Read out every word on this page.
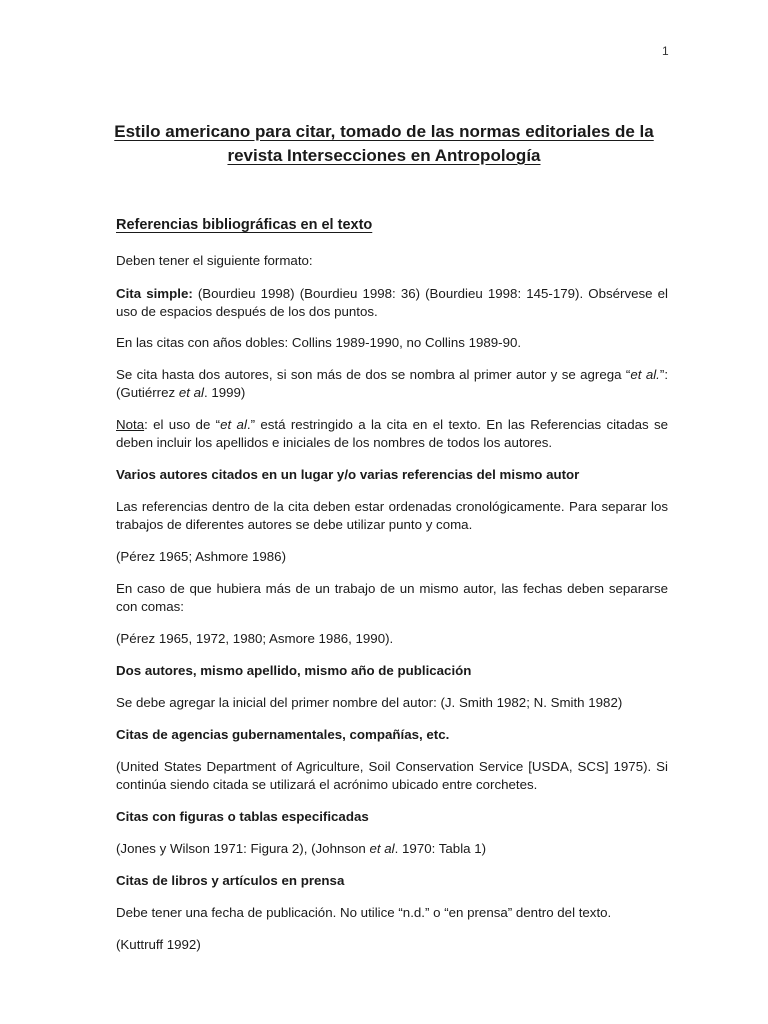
1
Estilo americano para citar, tomado de las normas editoriales de la
revista Intersecciones en Antropología
Referencias bibliográficas en el texto
Deben tener el siguiente formato:
Cita simple: (Bourdieu 1998) (Bourdieu 1998: 36) (Bourdieu 1998: 145-179). Obsérvese el uso de espacios después de los dos puntos.
En las citas con años dobles: Collins 1989-1990, no Collins 1989-90.
Se cita hasta dos autores, si son más de dos se nombra al primer autor y se agrega “et al.”: (Gutiérrez et al. 1999)
Nota: el uso de “et al.” está restringido a la cita en el texto. En las Referencias citadas se deben incluir los apellidos e iniciales de los nombres de todos los autores.
Varios autores citados en un lugar y/o varias referencias del mismo autor
Las referencias dentro de la cita deben estar ordenadas cronológicamente. Para separar los trabajos de diferentes autores se debe utilizar punto y coma.
(Pérez 1965; Ashmore 1986)
En caso de que hubiera más de un trabajo de un mismo autor, las fechas deben separarse con comas:
(Pérez 1965, 1972, 1980; Asmore 1986, 1990).
Dos autores, mismo apellido, mismo año de publicación
Se debe agregar la inicial del primer nombre del autor: (J. Smith 1982; N. Smith 1982)
Citas de agencias gubernamentales, compañías, etc.
(United States Department of Agriculture, Soil Conservation Service [USDA, SCS] 1975). Si continúa siendo citada se utilizará el acrónimo ubicado entre corchetes.
Citas con figuras o tablas especificadas
(Jones y Wilson 1971: Figura 2), (Johnson et al. 1970: Tabla 1)
Citas de libros y artículos en prensa
Debe tener una fecha de publicación. No utilice “n.d.” o “en prensa” dentro del texto.
(Kuttruff 1992)
